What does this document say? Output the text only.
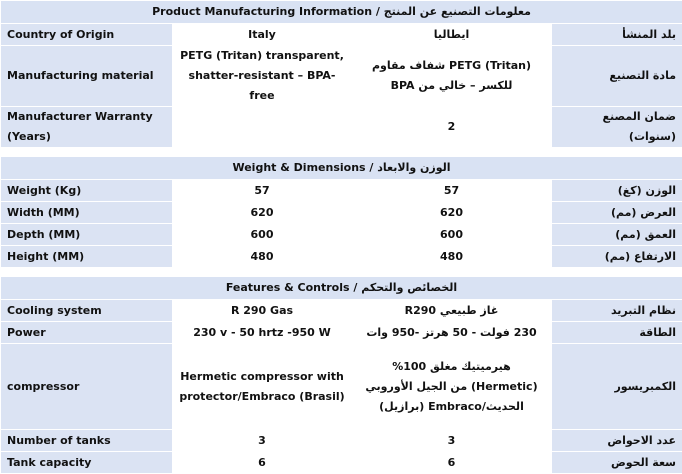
Product Manufacturing Information / معلومات التصنيع عن المنتج			
Country of Origin	Italy	ايطاليا	بلد المنشأ
Manufacturing material	PETG (Tritan) transparent, shatter-resistant – BPA-free	PETG (Tritan) شفاف مقاوم للكسر – خالي من BPA	مادة التصنيع
Manufacturer Warranty (Years)		2	ضمان المصنع (سنوات)

Weight & Dimensions / الوزن والابعاد			
Weight (Kg)	57	57	الوزن (كغ)
Width (MM)	620	620	العرض (مم)
Depth (MM)	600	600	العمق (مم)
Height (MM)	480	480	الارتفاع (مم)

Features & Controls / الخصائص والتحكم			
Cooling system	R 290 Gas	غاز طبيعي R290	نظام التبريد
Power	230 v - 50 hrtz -950 W	230 فولت - 50 هرتز -950 وات	الطاقة
compressor	Hermetic compressor with protector/Embraco (Brasil)	هيرميتيك مغلق 100% (Hermetic) من الجيل الأوروبي الحديث/Embraco (برازيل)	الكمبريسور
Number of tanks	3	3	عدد الاحواض
Tank capacity	6	6	سعة الحوض
